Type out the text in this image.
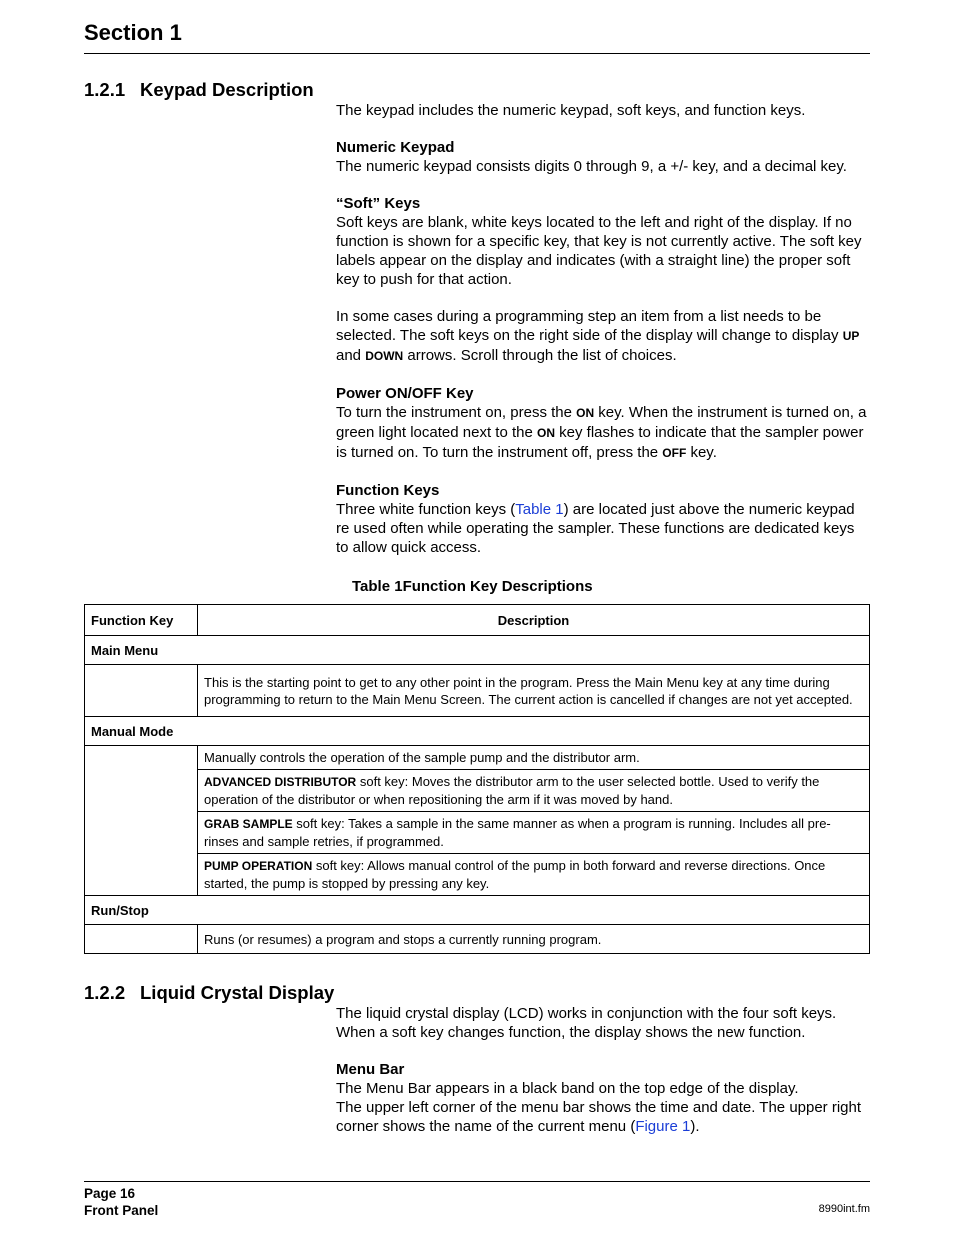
Section 1
1.2.1 Keypad Description

The keypad includes the numeric keypad, soft keys, and function keys.

Numeric Keypad

The numeric keypad consists digits 0 through 9, a +/- key, and a decimal key.

“Soft” Keys

Soft keys are blank, white keys located to the left and right of the display. If no function is shown for a specific key, that key is not currently active. The soft key labels appear on the display and indicates (with a straight line) the proper soft key to push for that action.

In some cases during a programming step an item from a list needs to be selected. The soft keys on the right side of the display will change to display UP and DOWN arrows. Scroll through the list of choices.

Power ON/OFF Key

To turn the instrument on, press the ON key. When the instrument is turned on, a green light located next to the ON key flashes to indicate that the sampler power is turned on. To turn the instrument off, press the OFF key.

Function Keys

Three white function keys (Table 1) are located just above the numeric keypad re used often while operating the sampler. These functions are dedicated keys to allow quick access.

Table 1Function Key Descriptions
Function Key	Description
Main Menu	
	This is the starting point to get to any other point in the program. Press the Main Menu key at any time during programming to return to the Main Menu Screen. The current action is cancelled if changes are not yet accepted.
Manual Mode	
	Manually controls the operation of the sample pump and the distributor arm.
	ADVANCED DISTRIBUTOR soft key: Moves the distributor arm to the user selected bottle. Used to verify the operation of the distributor or when repositioning the arm if it was moved by hand.
	GRAB SAMPLE soft key: Takes a sample in the same manner as when a program is running. Includes all pre-rinses and sample retries, if programmed.
	PUMP OPERATION soft key: Allows manual control of the pump in both forward and reverse directions. Once started, the pump is stopped by pressing any key.
Run/Stop	
	Runs (or resumes) a program and stops a currently running program.
1.2.2 Liquid Crystal Display

The liquid crystal display (LCD) works in conjunction with the four soft keys. When a soft key changes function, the display shows the new function.

Menu Bar

The Menu Bar appears in a black band on the top edge of the display.

The upper left corner of the menu bar shows the time and date. The upper right corner shows the name of the current menu (Figure 1).

Page 16
Front Panel	8990int.fm
